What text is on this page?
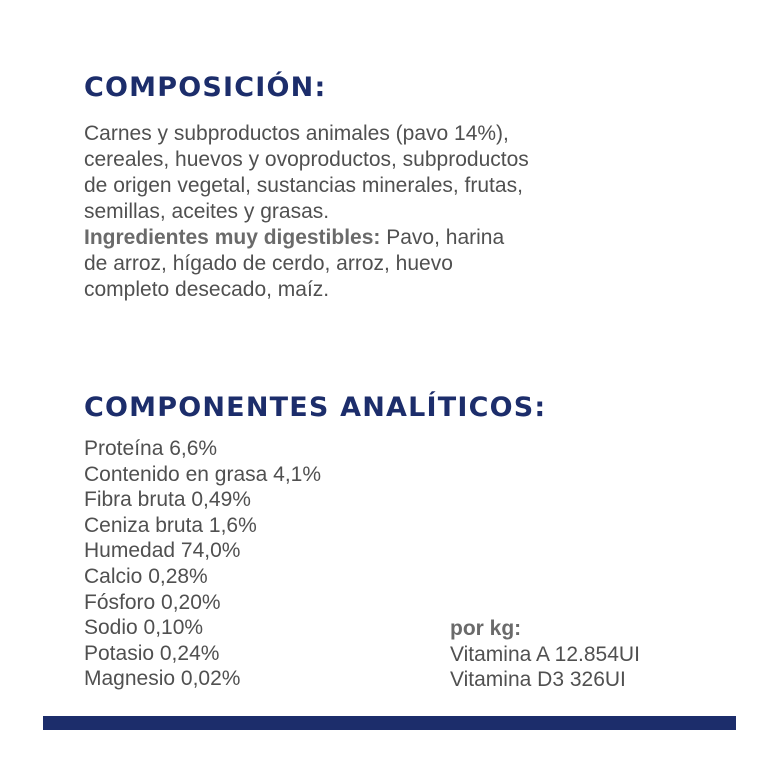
COMPOSICIÓN:
Carnes y subproductos animales (pavo 14%),
cereales, huevos y ovoproductos, subproductos
de origen vegetal, sustancias minerales, frutas,
semillas, aceites y grasas.
Ingredientes muy digestibles: Pavo, harina
de arroz, hígado de cerdo, arroz, huevo
completo desecado, maíz.
COMPONENTES ANALÍTICOS:
Proteína 6,6%
Contenido en grasa 4,1%
Fibra bruta 0,49%
Ceniza bruta 1,6%
Humedad 74,0%
Calcio 0,28%
Fósforo 0,20%
Sodio 0,10%
Potasio 0,24%
Magnesio 0,02%
por kg:
Vitamina A 12.854UI
Vitamina D3 326UI
